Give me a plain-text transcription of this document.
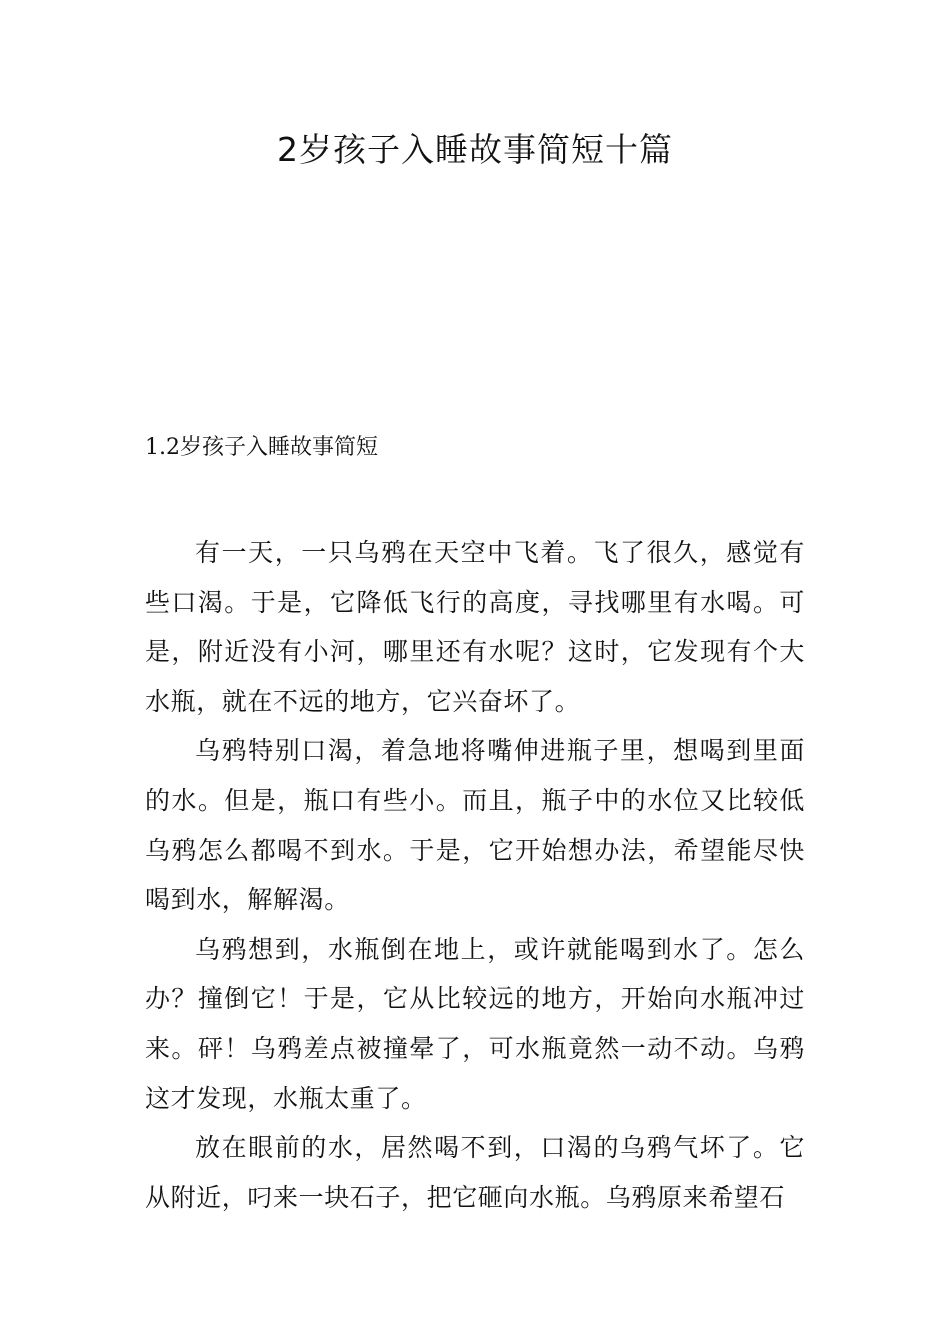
2岁孩子入睡故事简短十篇
1.2岁孩子入睡故事简短

有一天，一只乌鸦在天空中飞着。飞了很久，感觉有些口渴。于是，它降低飞行的高度，寻找哪里有水喝。可是，附近没有小河，哪里还有水呢？这时，它发现有个大水瓶，就在不远的地方，它兴奋坏了。

乌鸦特别口渴，着急地将嘴伸进瓶子里，想喝到里面的水。但是，瓶口有些小。而且，瓶子中的水位又比较低乌鸦怎么都喝不到水。于是，它开始想办法，希望能尽快喝到水，解解渴。

乌鸦想到，水瓶倒在地上，或许就能喝到水了。怎么办？撞倒它！于是，它从比较远的地方，开始向水瓶冲过来。砰！乌鸦差点被撞晕了，可水瓶竟然一动不动。乌鸦这才发现，水瓶太重了。

放在眼前的水，居然喝不到，口渴的乌鸦气坏了。它从附近，叼来一块石子，把它砸向水瓶。乌鸦原来希望石
